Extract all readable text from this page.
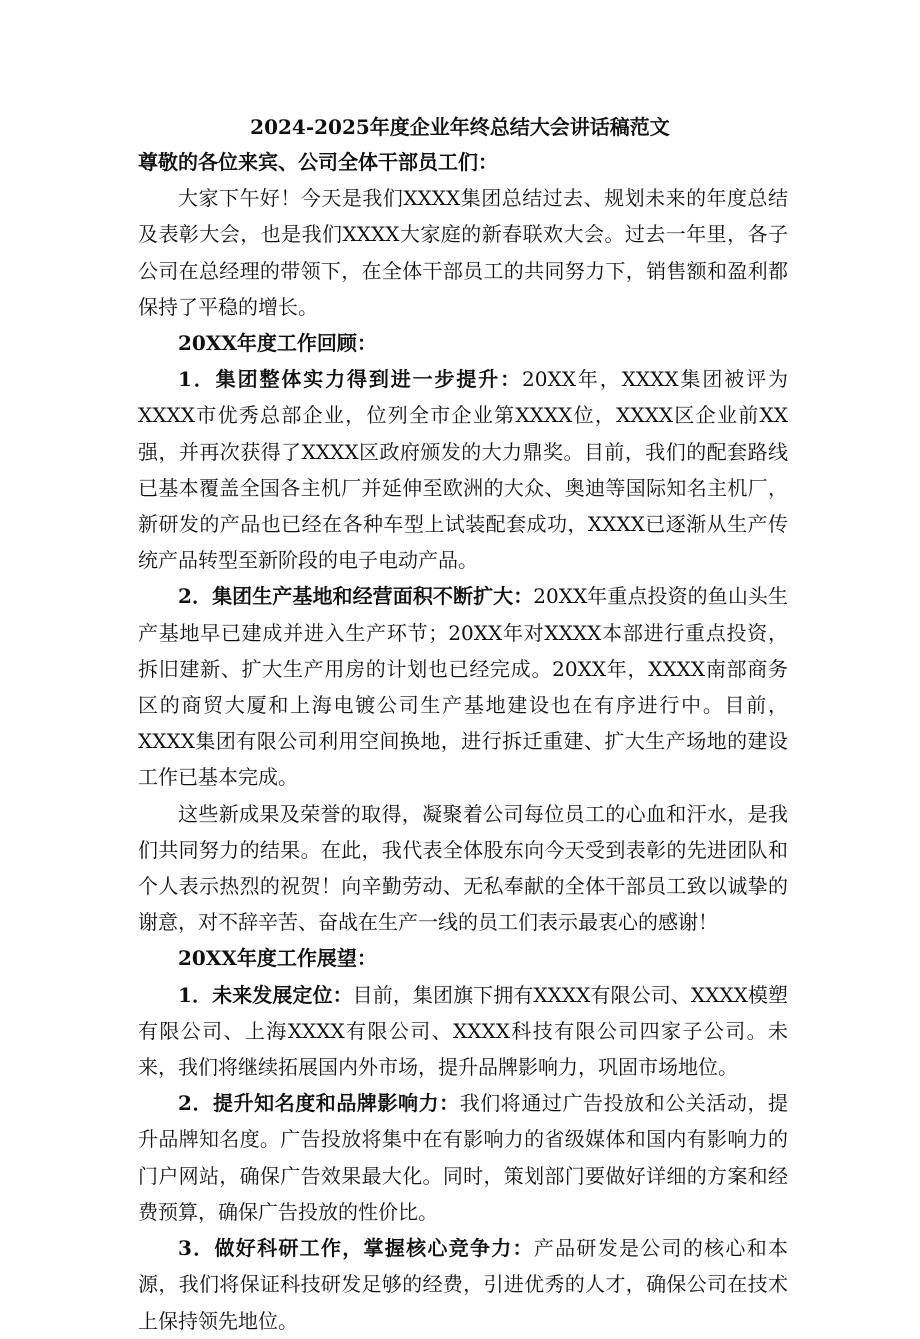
2024-2025年度企业年终总结大会讲话稿范文

尊敬的各位来宾、公司全体干部员工们：

大家下午好！今天是我们XXXX集团总结过去、规划未来的年度总结及表彰大会，也是我们XXXX大家庭的新春联欢大会。过去一年里，各子公司在总经理的带领下，在全体干部员工的共同努力下，销售额和盈利都保持了平稳的增长。

20XX年度工作回顾：

1．集团整体实力得到进一步提升：20XX年，XXXX集团被评为XXXX市优秀总部企业，位列全市企业第XXXX位，XXXX区企业前XX强，并再次获得了XXXX区政府颁发的大力鼎奖。目前，我们的配套路线已基本覆盖全国各主机厂并延伸至欧洲的大众、奥迪等国际知名主机厂，新研发的产品也已经在各种车型上试装配套成功，XXXX已逐渐从生产传统产品转型至新阶段的电子电动产品。

2．集团生产基地和经营面积不断扩大：20XX年重点投资的鱼山头生产基地早已建成并进入生产环节；20XX年对XXXX本部进行重点投资，拆旧建新、扩大生产用房的计划也已经完成。20XX年，XXXX南部商务区的商贸大厦和上海电镀公司生产基地建设也在有序进行中。目前，XXXX集团有限公司利用空间换地，进行拆迁重建、扩大生产场地的建设工作已基本完成。

这些新成果及荣誉的取得，凝聚着公司每位员工的心血和汗水，是我们共同努力的结果。在此，我代表全体股东向今天受到表彰的先进团队和个人表示热烈的祝贺！向辛勤劳动、无私奉献的全体干部员工致以诚挚的谢意，对不辞辛苦、奋战在生产一线的员工们表示最衷心的感谢！

20XX年度工作展望：

1．未来发展定位：目前，集团旗下拥有XXXX有限公司、XXXX模塑有限公司、上海XXXX有限公司、XXXX科技有限公司四家子公司。未来，我们将继续拓展国内外市场，提升品牌影响力，巩固市场地位。

2．提升知名度和品牌影响力：我们将通过广告投放和公关活动，提升品牌知名度。广告投放将集中在有影响力的省级媒体和国内有影响力的门户网站，确保广告效果最大化。同时，策划部门要做好详细的方案和经费预算，确保广告投放的性价比。

3．做好科研工作，掌握核心竞争力：产品研发是公司的核心和本源，我们将保证科技研发足够的经费，引进优秀的人才，确保公司在技术上保持领先地位。
